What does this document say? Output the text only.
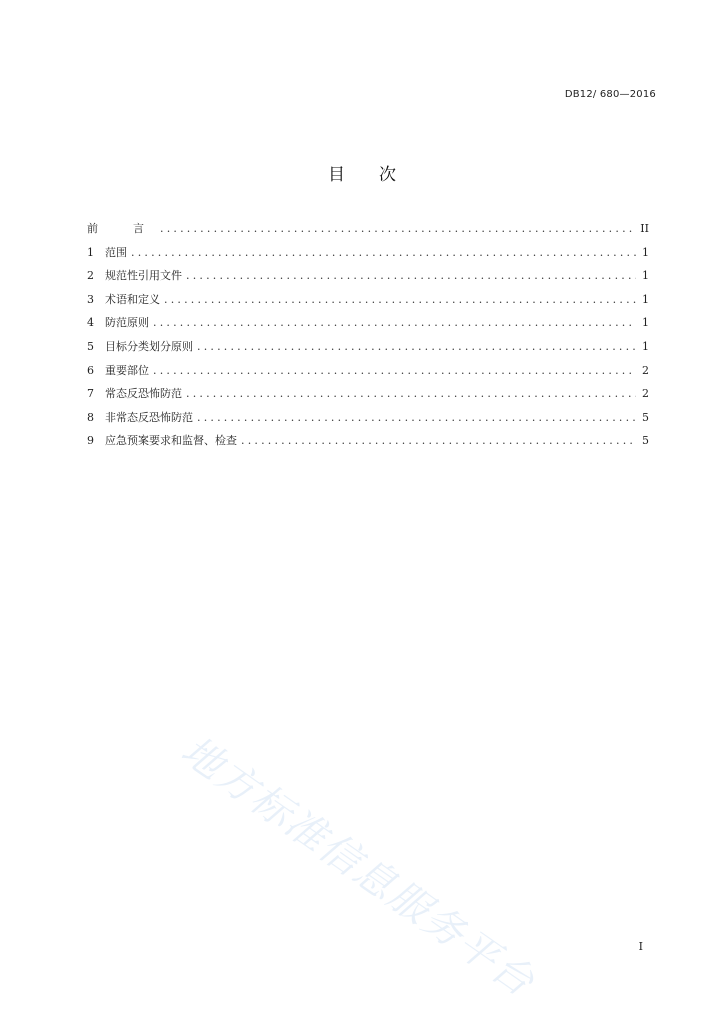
DB12/ 680—2016
目　　次
前　言 .....	II
1	范围 .....	1
2	规范性引用文件 .....	1
3	术语和定义 .....	1
4	防范原则 .....	1
5	目标分类划分原则 .....	1
6	重要部位 .....	2
7	常态反恐怖防范 .....	2
8	非常态反恐怖防范 .....	5
9	应急预案要求和监督、检查 .....	5
地方标准信息服务平台	I
